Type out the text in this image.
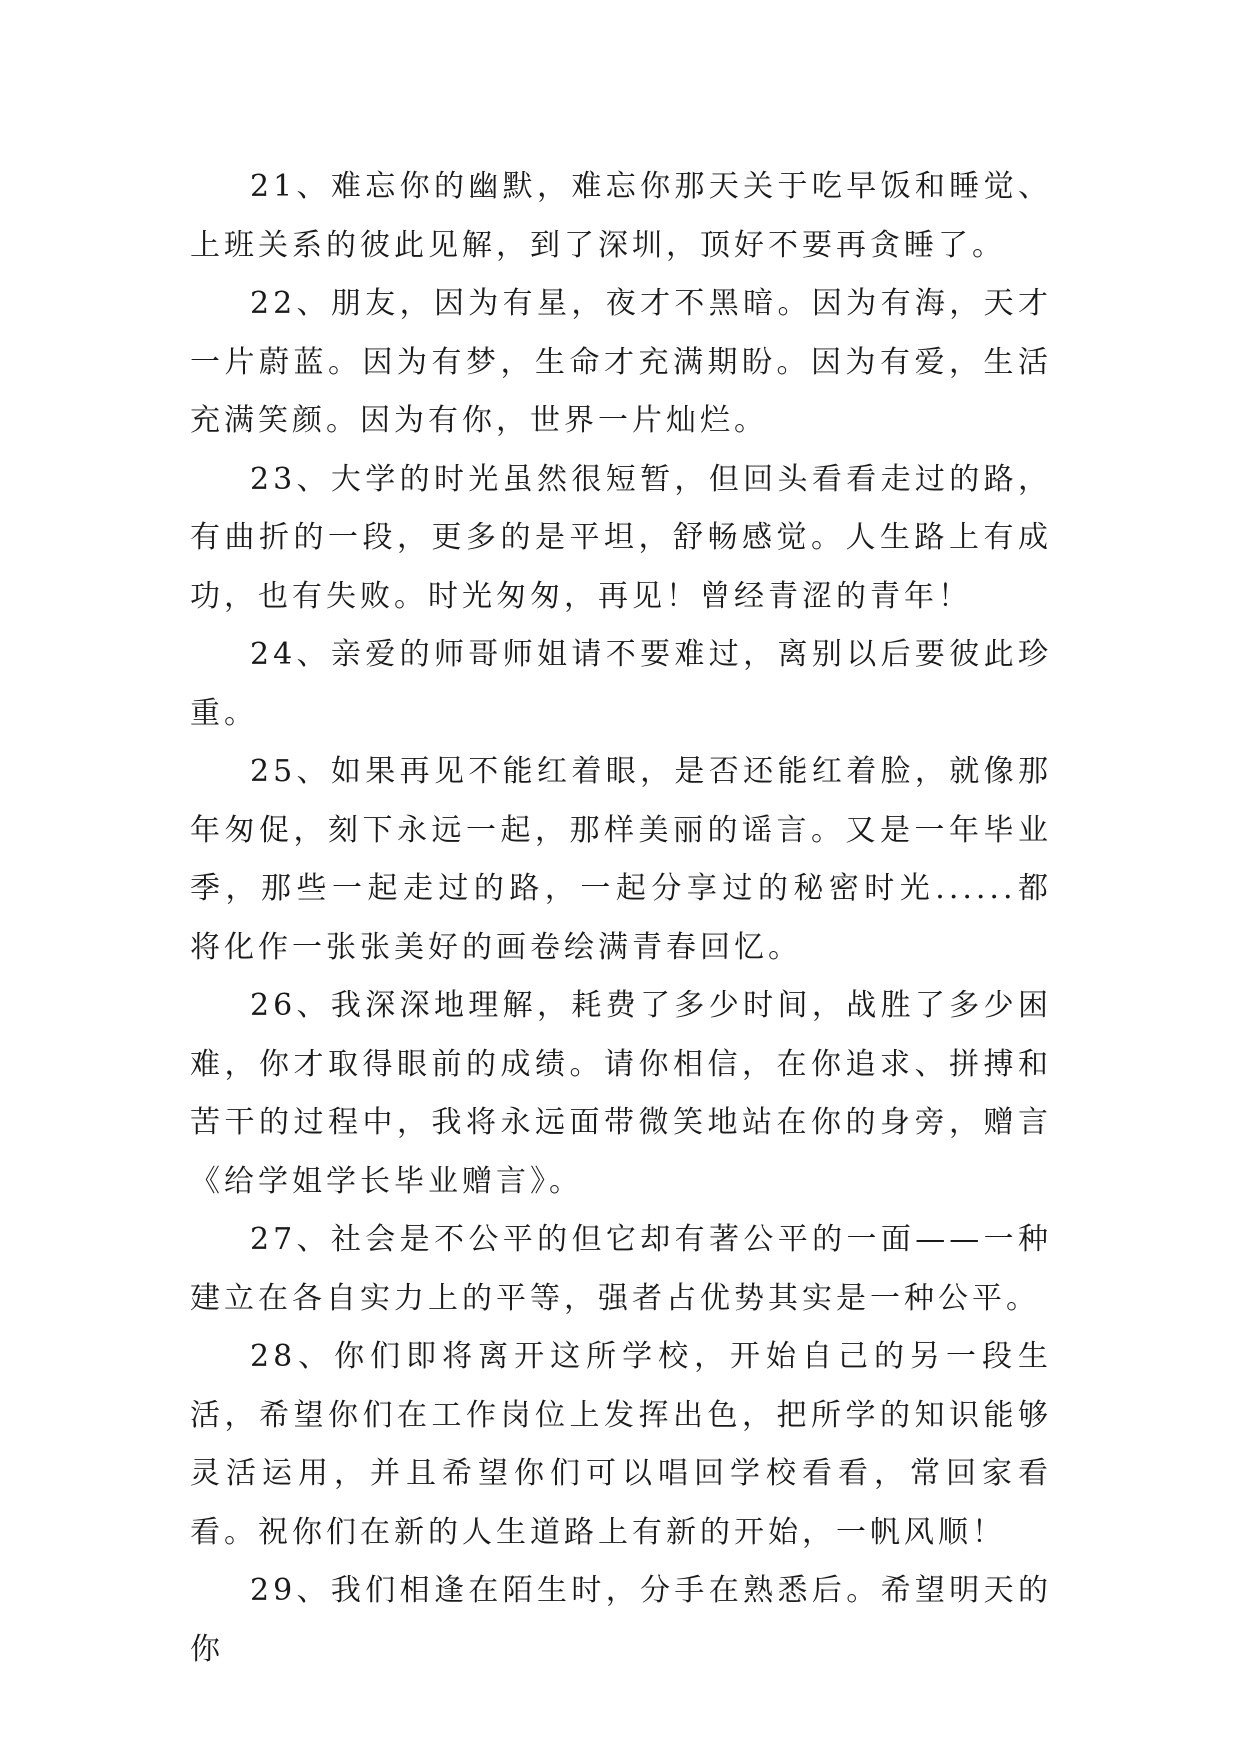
21、难忘你的幽默，难忘你那天关于吃早饭和睡觉、上班关系的彼此见解，到了深圳，顶好不要再贪睡了。

22、朋友，因为有星，夜才不黑暗。因为有海，天才一片蔚蓝。因为有梦，生命才充满期盼。因为有爱，生活充满笑颜。因为有你，世界一片灿烂。

23、大学的时光虽然很短暂，但回头看看走过的路，有曲折的一段，更多的是平坦，舒畅感觉。人生路上有成功，也有失败。时光匆匆，再见！曾经青涩的青年！

24、亲爱的师哥师姐请不要难过，离别以后要彼此珍重。

25、如果再见不能红着眼，是否还能红着脸，就像那年匆促，刻下永远一起，那样美丽的谣言。又是一年毕业季，那些一起走过的路，一起分享过的秘密时光......都将化作一张张美好的画卷绘满青春回忆。

26、我深深地理解，耗费了多少时间，战胜了多少困难，你才取得眼前的成绩。请你相信，在你追求、拼搏和苦干的过程中，我将永远面带微笑地站在你的身旁，赠言《给学姐学长毕业赠言》。

27、社会是不公平的但它却有著公平的一面——一种建立在各自实力上的平等，强者占优势其实是一种公平。

28、你们即将离开这所学校，开始自己的另一段生活，希望你们在工作岗位上发挥出色，把所学的知识能够灵活运用，并且希望你们可以唱回学校看看，常回家看看。祝你们在新的人生道路上有新的开始，一帆风顺！

29、我们相逢在陌生时，分手在熟悉后。希望明天的你
